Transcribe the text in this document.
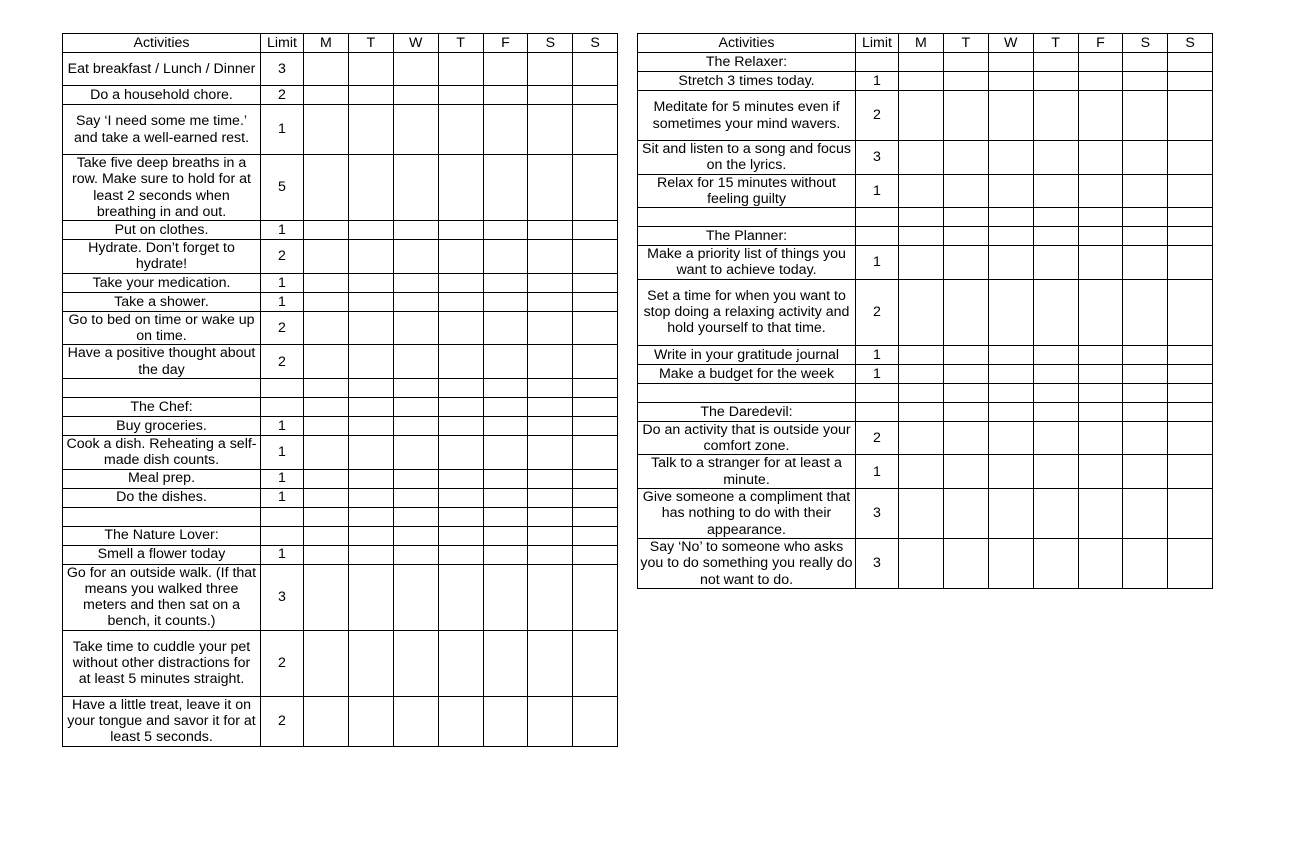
Activities	Limit	M	T	W	T	F	S	S
Eat breakfast / Lunch / Dinner	3							
Do a household chore.	2							
Say ‘I need some me time.’ and take a well-earned rest.	1							
Take five deep breaths in a row. Make sure to hold for at least 2 seconds when breathing in and out.	5							
Put on clothes.	1							
Hydrate. Don’t forget to hydrate!	2							
Take your medication.	1							
Take a shower.	1							
Go to bed on time or wake up on time.	2							
Have a positive thought about the day	2							

The Chef:								
Buy groceries.	1							
Cook a dish. Reheating a self-made dish counts.	1							
Meal prep.	1							
Do the dishes.	1							

The Nature Lover:								
Smell a flower today	1							
Go for an outside walk. (If that means you walked three meters and then sat on a bench, it counts.)	3							
Take time to cuddle your pet without other distractions for at least 5 minutes straight.	2							
Have a little treat, leave it on your tongue and savor it for at least 5 seconds.	2							
Activities	Limit	M	T	W	T	F	S	S
The Relaxer:								
Stretch 3 times today.	1							
Meditate for 5 minutes even if sometimes your mind wavers.	2							
Sit and listen to a song and focus on the lyrics.	3							
Relax for 15 minutes without feeling guilty	1							

The Planner:								
Make a priority list of things you want to achieve today.	1							
Set a time for when you want to stop doing a relaxing activity and hold yourself to that time.	2							
Write in your gratitude journal	1							
Make a budget for the week	1							

The Daredevil:								
Do an activity that is outside your comfort zone.	2							
Talk to a stranger for at least a minute.	1							
Give someone a compliment that has nothing to do with their appearance.	3							
Say ‘No’ to someone who asks you to do something you really do not want to do.	3							
